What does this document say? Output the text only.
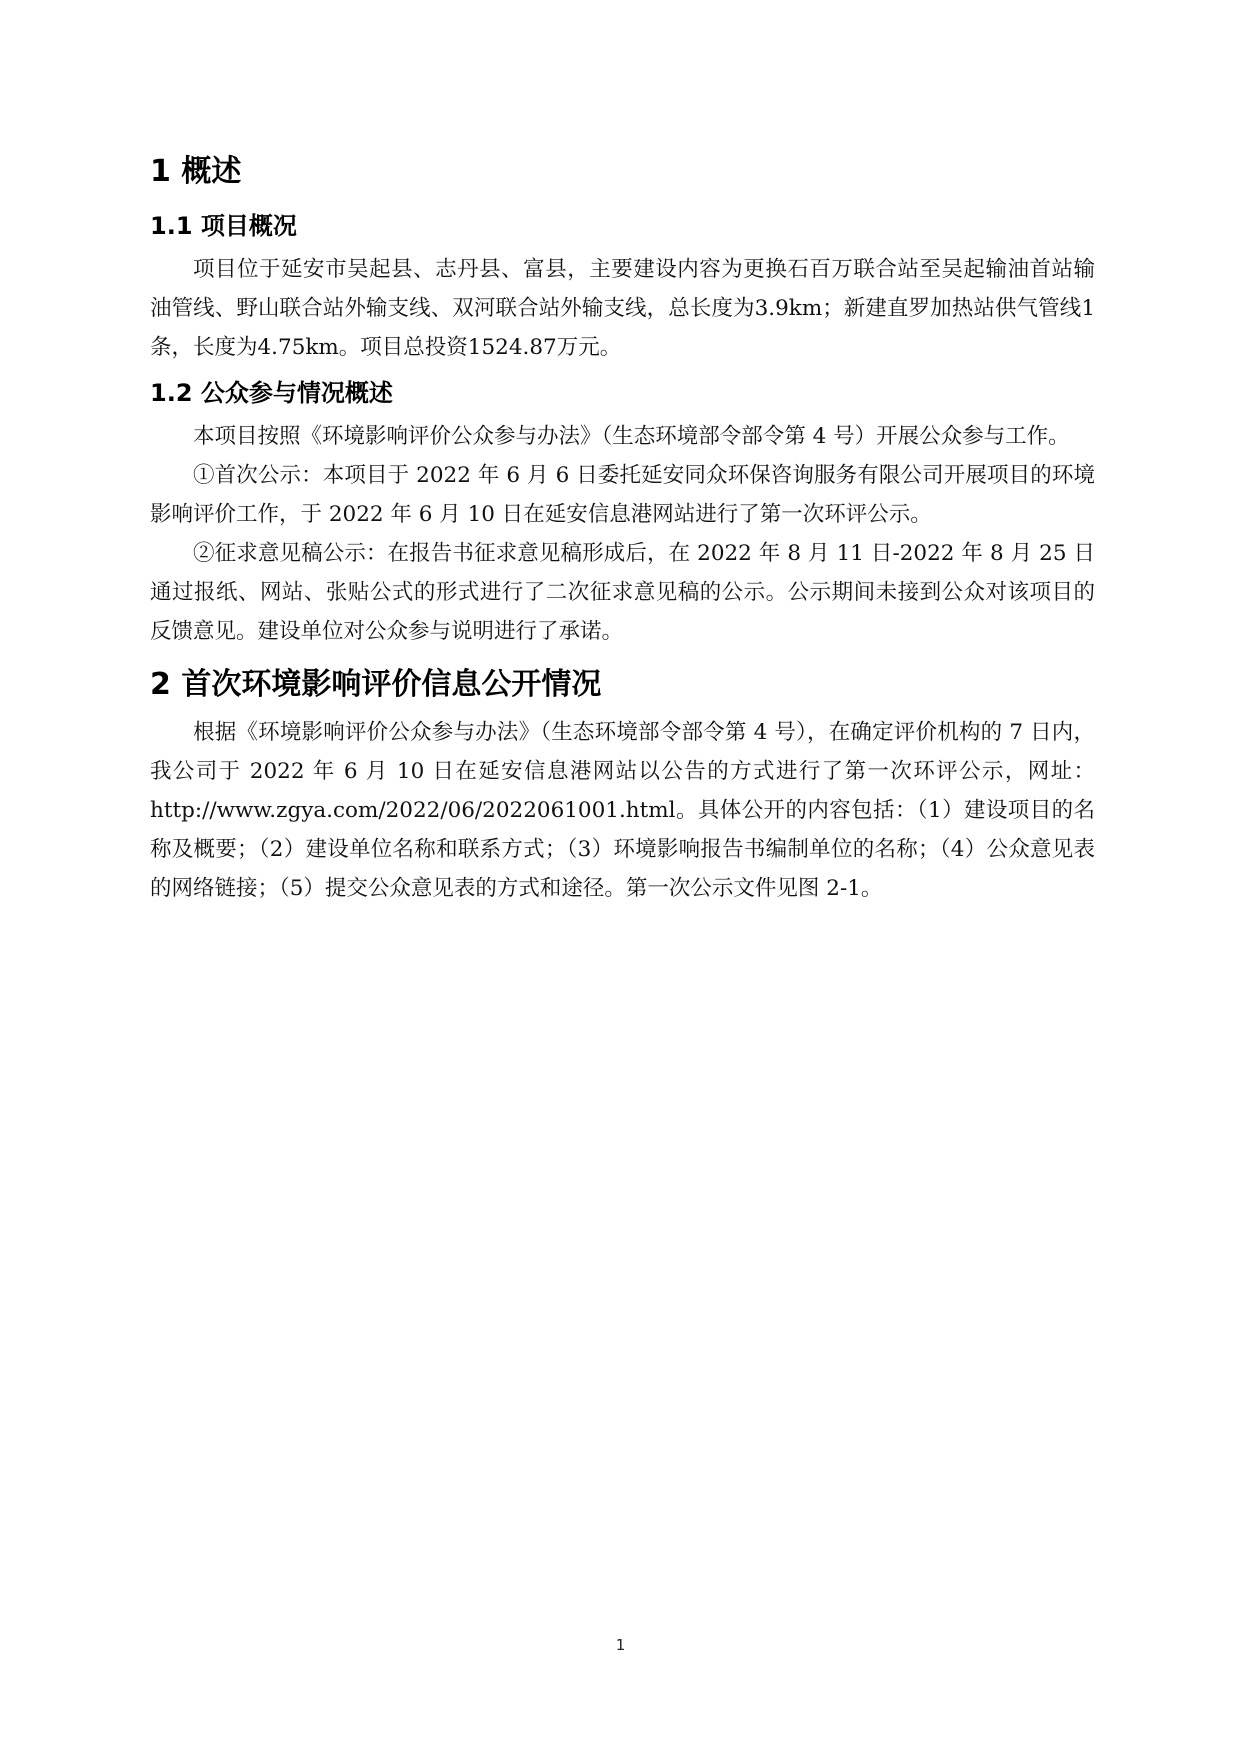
1 概述
1.1 项目概况

项目位于延安市吴起县、志丹县、富县，主要建设内容为更换石百万联合站至吴起输油首站输油管线、野山联合站外输支线、双河联合站外输支线，总长度为3.9km；新建直罗加热站供气管线1条，长度为4.75km。项目总投资1524.87万元。

1.2 公众参与情况概述

本项目按照《环境影响评价公众参与办法》（生态环境部令部令第 4 号）开展公众参与工作。

①首次公示：本项目于 2022 年 6 月 6 日委托延安同众环保咨询服务有限公司开展项目的环境影响评价工作，于 2022 年 6 月 10 日在延安信息港网站进行了第一次环评公示。

②征求意见稿公示：在报告书征求意见稿形成后，在 2022 年 8 月 11 日-2022 年 8 月 25 日通过报纸、网站、张贴公式的形式进行了二次征求意见稿的公示。公示期间未接到公众对该项目的反馈意见。建设单位对公众参与说明进行了承诺。

2 首次环境影响评价信息公开情况

根据《环境影响评价公众参与办法》（生态环境部令部令第 4 号），在确定评价机构的 7 日内，我公司于 2022 年 6 月 10 日在延安信息港网站以公告的方式进行了第一次环评公示，网址：http://www.zgya.com/2022/06/2022061001.html。具体公开的内容包括：（1）建设项目的名称及概要；（2）建设单位名称和联系方式；（3）环境影响报告书编制单位的名称；（4）公众意见表的网络链接；（5）提交公众意见表的方式和途径。第一次公示文件见图 2-1。

1
